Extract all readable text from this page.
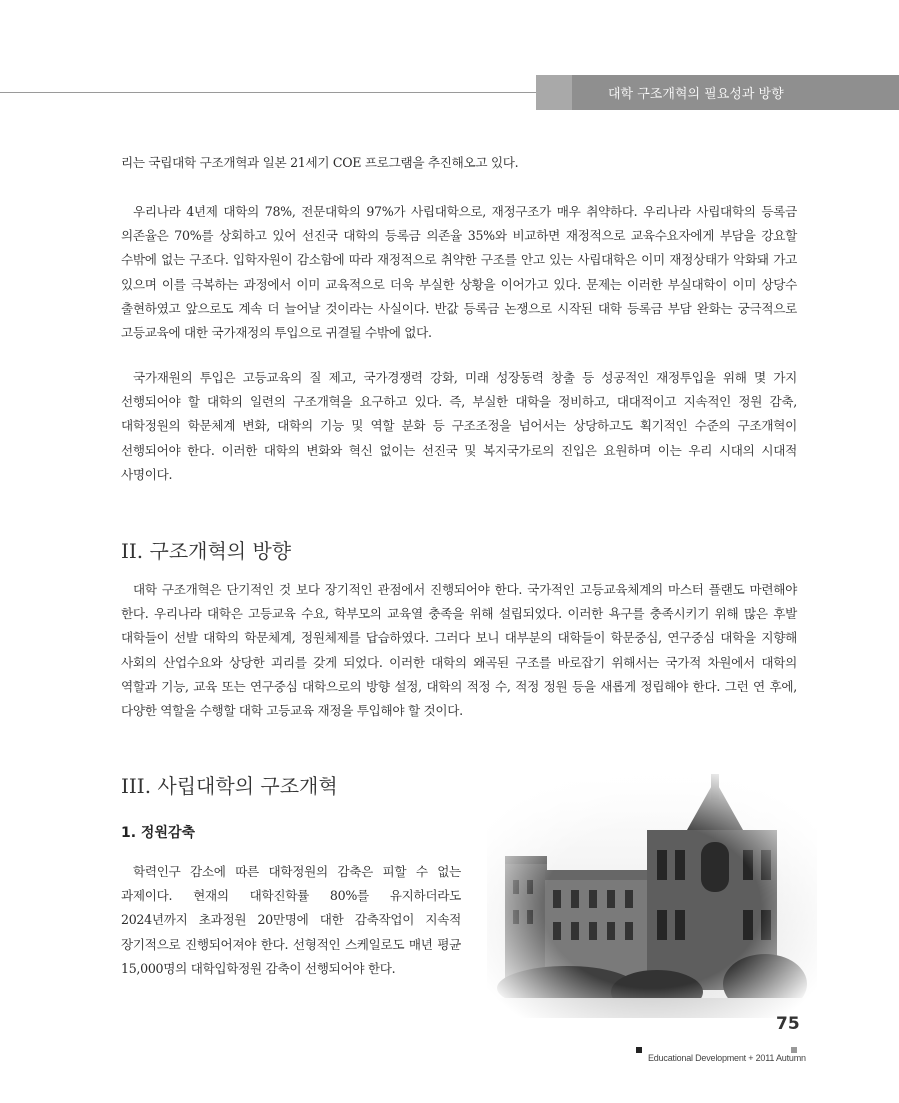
대학 구조개혁의 필요성과 방향

리는 국립대학 구조개혁과 일본 21세기 COE 프로그램을 추진해오고 있다.

우리나라 4년제 대학의 78%, 전문대학의 97%가 사립대학으로, 재정구조가 매우 취약하다. 우리나라 사립대학의 등록금 의존율은 70%를 상회하고 있어 선진국 대학의 등록금 의존율 35%와 비교하면 재정적으로 교육수요자에게 부담을 강요할 수밖에 없는 구조다. 입학자원이 감소함에 따라 재정적으로 취약한 구조를 안고 있는 사립대학은 이미 재정상태가 악화돼 가고 있으며 이를 극복하는 과정에서 이미 교육적으로 더욱 부실한 상황을 이어가고 있다. 문제는 이러한 부실대학이 이미 상당수 출현하였고 앞으로도 계속 더 늘어날 것이라는 사실이다. 반값 등록금 논쟁으로 시작된 대학 등록금 부담 완화는 궁극적으로 고등교육에 대한 국가재정의 투입으로 귀결될 수밖에 없다.

국가재원의 투입은 고등교육의 질 제고, 국가경쟁력 강화, 미래 성장동력 창출 등 성공적인 재정투입을 위해 몇 가지 선행되어야 할 대학의 일련의 구조개혁을 요구하고 있다. 즉, 부실한 대학을 정비하고, 대대적이고 지속적인 정원 감축, 대학정원의 학문체계 변화, 대학의 기능 및 역할 분화 등 구조조정을 넘어서는 상당하고도 획기적인 수준의 구조개혁이 선행되어야 한다. 이러한 대학의 변화와 혁신 없이는 선진국 및 복지국가로의 진입은 요원하며 이는 우리 시대의 시대적 사명이다.

II. 구조개혁의 방향

대학 구조개혁은 단기적인 것 보다 장기적인 관점에서 진행되어야 한다. 국가적인 고등교육체계의 마스터 플랜도 마련해야 한다. 우리나라 대학은 고등교육 수요, 학부모의 교육열 충족을 위해 설립되었다. 이러한 욕구를 충족시키기 위해 많은 후발 대학들이 선발 대학의 학문체계, 정원체제를 답습하였다. 그러다 보니 대부분의 대학들이 학문중심, 연구중심 대학을 지향해 사회의 산업수요와 상당한 괴리를 갖게 되었다. 이러한 대학의 왜곡된 구조를 바로잡기 위해서는 국가적 차원에서 대학의 역할과 기능, 교육 또는 연구중심 대학으로의 방향 설정, 대학의 적정 수, 적정 정원 등을 새롭게 정립해야 한다. 그런 연 후에, 다양한 역할을 수행할 대학 고등교육 재정을 투입해야 할 것이다.

III. 사립대학의 구조개혁
1. 정원감축

학력인구 감소에 따른 대학정원의 감축은 피할 수 없는 과제이다. 현재의 대학진학률 80%를 유지하더라도 2024년까지 초과정원 20만명에 대한 감축작업이 지속적 장기적으로 진행되어져야 한다. 선형적인 스케일로도 매년 평균 15,000명의 대학입학정원 감축이 선행되어야 한다.

75
Educational Development + 2011 Autumn
